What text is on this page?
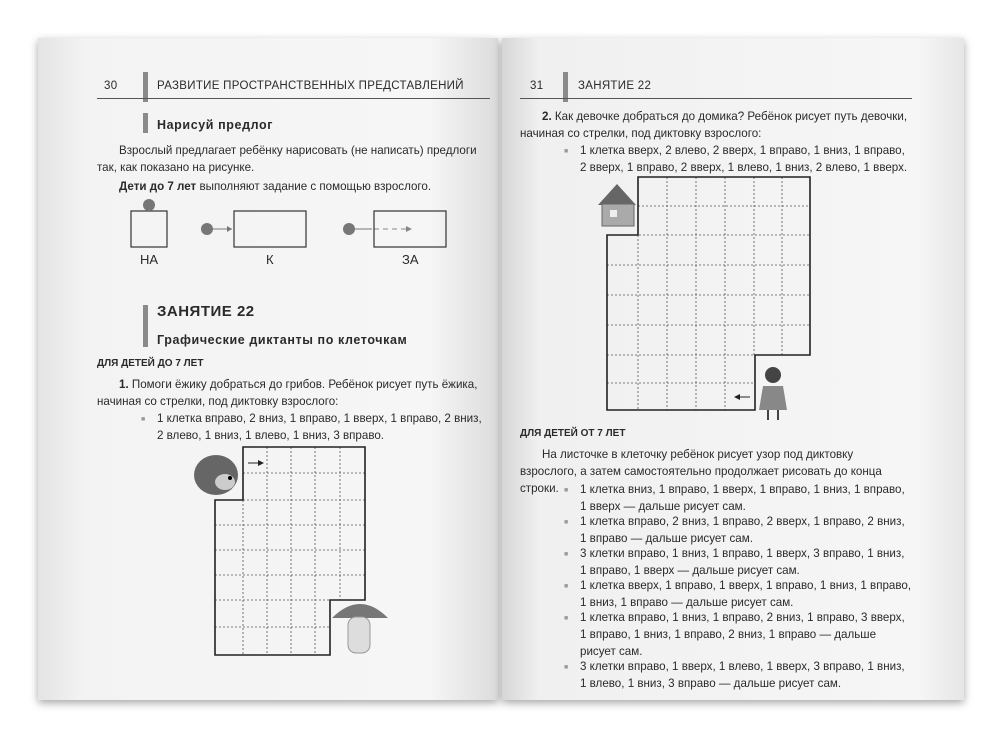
30	РАЗВИТИЕ ПРОСТРАНСТВЕННЫХ ПРЕДСТАВЛЕНИЙ
Нарисуй предлог
Взрослый предлагает ребёнку нарисовать (не написать) предлоги так, как показано на рисунке.
Дети до 7 лет выполняют задание с помощью взрослого.
НА	К	ЗА
ЗАНЯТИЕ 22
Графические диктанты по клеточкам
ДЛЯ ДЕТЕЙ ДО 7 ЛЕТ
1. Помоги ёжику добраться до грибов. Ребёнок рисует путь ёжика, начиная со стрелки, под диктовку взрослого:
■ 1 клетка вправо, 2 вниз, 1 вправо, 1 вверх, 1 вправо, 2 вниз, 2 влево, 1 вниз, 1 влево, 1 вниз, 3 вправо.
31	ЗАНЯТИЕ 22
2. Как девочке добраться до домика? Ребёнок рисует путь девочки, начиная со стрелки, под диктовку взрослого:
■ 1 клетка вверх, 2 влево, 2 вверх, 1 вправо, 1 вниз, 1 вправо, 2 вверх, 1 вправо, 2 вверх, 1 влево, 1 вниз, 2 влево, 1 вверх.
ДЛЯ ДЕТЕЙ ОТ 7 ЛЕТ
На листочке в клеточку ребёнок рисует узор под диктовку взрослого, а затем самостоятельно продолжает рисовать до конца строки.	■ 1 клетка вниз, 1 вправо, 1 вверх, 1 вправо, 1 вниз, 1 вправо, 1 вверх — дальше рисует сам.
■ 1 клетка вправо, 2 вниз, 1 вправо, 2 вверх, 1 вправо, 2 вниз, 1 вправо — дальше рисует сам.
■ 3 клетки вправо, 1 вниз, 1 вправо, 1 вверх, 3 вправо, 1 вниз, 1 вправо, 1 вверх — дальше рисует сам.
■ 1 клетка вверх, 1 вправо, 1 вверх, 1 вправо, 1 вниз, 1 вправо, 1 вниз, 1 вправо — дальше рисует сам.
■ 1 клетка вправо, 1 вниз, 1 вправо, 2 вниз, 1 вправо, 3 вверх, 1 вправо, 1 вниз, 1 вправо, 2 вниз, 1 вправо — дальше рисует сам.
■ 3 клетки вправо, 1 вверх, 1 влево, 1 вверх, 3 вправо, 1 вниз, 1 влево, 1 вниз, 3 вправо — дальше рисует сам.
